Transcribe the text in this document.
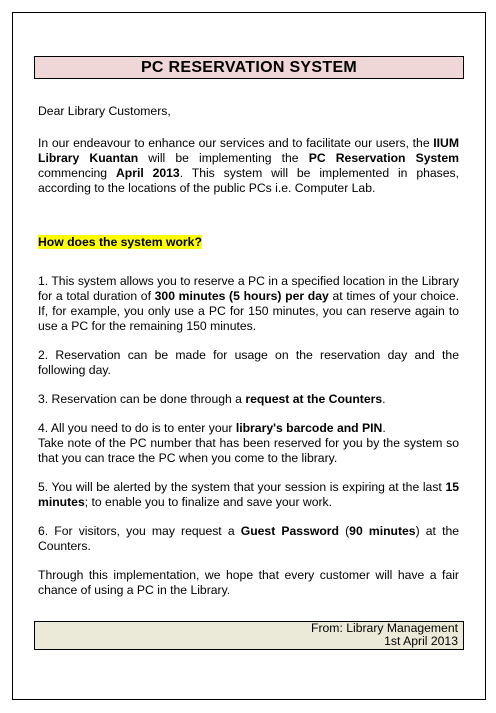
PC RESERVATION SYSTEM

Dear Library Customers,

In our endeavour to enhance our services and to facilitate our users, the IIUM Library Kuantan will be implementing the PC Reservation System commencing April 2013. This system will be implemented in phases, according to the locations of the public PCs i.e. Computer Lab.

How does the system work?

1. This system allows you to reserve a PC in a specified location in the Library for a total duration of 300 minutes (5 hours) per day at times of your choice. If, for example, you only use a PC for 150 minutes, you can reserve again to use a PC for the remaining 150 minutes.

2. Reservation can be made for usage on the reservation day and the following day.

3. Reservation can be done through a request at the Counters.

4. All you need to do is to enter your library's barcode and PIN.
Take note of the PC number that has been reserved for you by the system so that you can trace the PC when you come to the library.

5. You will be alerted by the system that your session is expiring at the last 15 minutes; to enable you to finalize and save your work.

6. For visitors, you may request a Guest Password (90 minutes) at the Counters.

Through this implementation, we hope that every customer will have a fair chance of using a PC in the Library.

From: Library Management
1st April 2013
